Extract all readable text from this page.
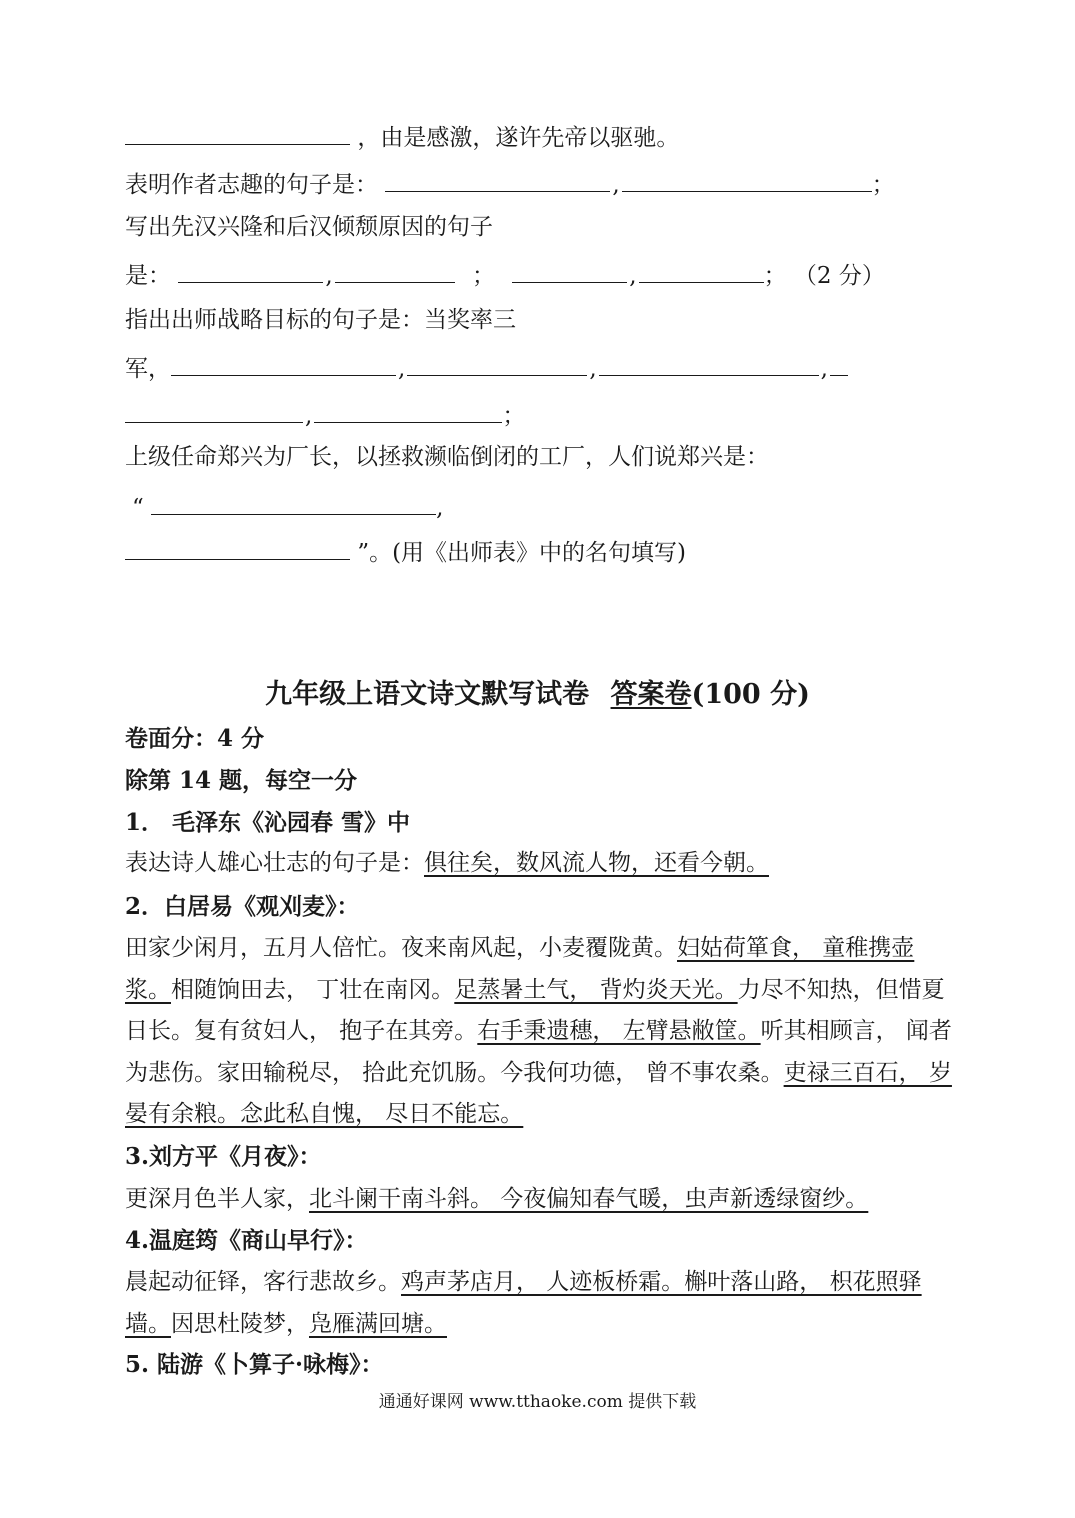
，由是感激，遂许先帝以驱驰。
表明作者志趣的句子是：	,	；
写出先汉兴隆和后汉倾颓原因的句子
是：	,	；	,	； （2 分）
指出出师战略目标的句子是：当奖率三
军，	,	,	,
,	；
上级任命郑兴为厂长，以拯救濒临倒闭的工厂，人们说郑兴是：
“	,
”。(用《出师表》中的名句填写)
九年级上语文诗文默写试卷 答案卷(100 分)
卷面分：4 分
除第 14 题，每空一分
1． 毛泽东《沁园春 雪》中
表达诗人雄心壮志的句子是：俱往矣，数风流人物，还看今朝。
2．白居易《观刈麦》：
田家少闲月，五月人倍忙。夜来南风起，小麦覆陇黄。妇姑荷箪食， 童稚携壶浆。相随饷田去， 丁壮在南冈。足蒸暑土气， 背灼炎天光。力尽不知热，但惜夏日长。复有贫妇人， 抱子在其旁。右手秉遗穗， 左臂悬敝筐。听其相顾言， 闻者为悲伤。家田输税尽， 拾此充饥肠。今我何功德， 曾不事农桑。吏禄三百石， 岁晏有余粮。念此私自愧， 尽日不能忘。
3.刘方平《月夜》：
更深月色半人家，北斗阑干南斗斜。 今夜偏知春气暖，虫声新透绿窗纱。
4.温庭筠《商山早行》：
晨起动征铎，客行悲故乡。鸡声茅店月， 人迹板桥霜。槲叶落山路， 枳花照驿墙。因思杜陵梦，凫雁满回塘。
5. 陆游《卜算子·咏梅》：
通通好课网 www.tthaoke.com 提供下载
